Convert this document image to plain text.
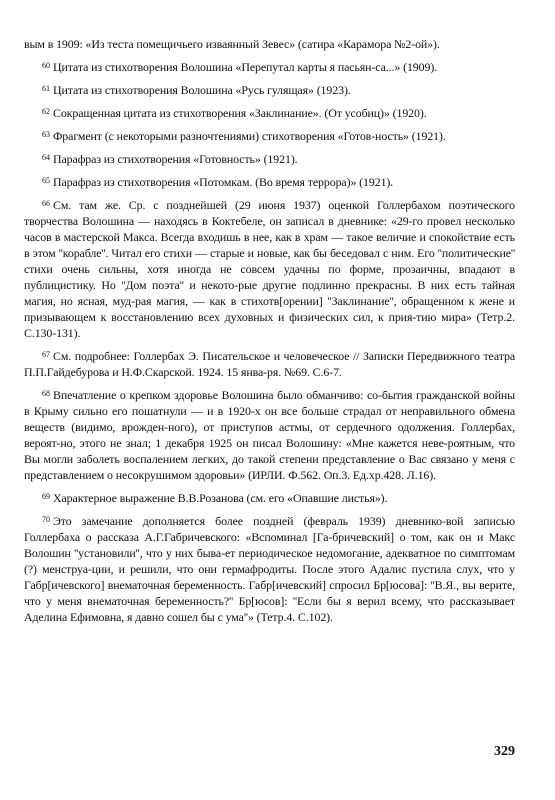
вым в 1909: «Из теста помещичьего изваянный Зевес» (сатира «Карамора №2-ой»).

$^{60}$ Цитата из стихотворения Волошина «Перепутал карты я пасьян-са...» (1909).

$^{61}$ Цитата из стихотворения Волошина «Русь гулящая» (1923).

$^{62}$ Сокращенная цитата из стихотворения «Заклинание». (От усобиц)» (1920).

$^{63}$ Фрагмент (с некоторыми разночтениями) стихотворения «Готов-ность» (1921).

$^{64}$ Парафраз из стихотворения «Готовность» (1921).

$^{65}$ Парафраз из стихотворения «Потомкам. (Во время террора)» (1921).

$^{66}$ См. там же. Ср. с позднейшей (29 июня 1937) оценкой Голлербахом поэтического творчества Волошина — находясь в Коктебеле, он записал в дневнике: «29-го провел несколько часов в мастерской Макса. Всегда входишь в нее, как в храм — такое величие и спокойствие есть в этом ''корабле''. Читал его стихи — старые и новые, как бы беседовал с ним. Его ''политические'' стихи очень сильны, хотя иногда не совсем удачны по форме, прозаичны, впадают в публицистику. Но ''Дом поэта'' и некото-рые другие подлинно прекрасны. В них есть тайная магия, но ясная, муд-рая магия, — как в стихотв[орении] ''Заклинание'', обращенном к жене и призывающем к восстановлению всех духовных и физических сил, к прия-тию мира» (Тетр.2. С.130-131).

$^{67}$ См. подробнее: Голлербах Э. Писательское и человеческое // Записки Передвижного театра П.П.Гайдебурова и Н.Ф.Скарской. 1924. 15 янва-ря. №69. С.6-7.

$^{68}$ Впечатление о крепком здоровье Волошина было обманчиво: со-бытия гражданской войны в Крыму сильно его пошатнули — и в 1920-х он все больше страдал от неправильного обмена веществ (видимо, врожден-ного), от приступов астмы, от сердечного одолжения. Голлербах, вероят-но, этого не знал; 1 декабря 1925 он писал Волошину: «Мне кажется неве-роятным, что Вы могли заболеть воспалением легких, до такой степени представление о Вас связано у меня с представлением о несокрушимом здоровьи» (ИРЛИ. Ф.562. Оп.3. Ед.хр.428. Л.16).

$^{69}$ Характерное выражение В.В.Розанова (см. его «Опавшие листья»).

$^{70}$ Это замечание дополняется более поздней (февраль 1939) дневнико-вой записью Голлербаха о рассказа А.Г.Габричевского: «Вспоминал [Га-бричевский] о том, как он и Макс Волошин ''установили'', что у них быва-ет периодическое недомогание, адекватное по симптомам (?) менструа-ции, и решили, что они гермафродиты. После этого Адалис пустила слух, что у Габр[ичевского] внематочная беременность. Габр[ичевский] спросил Бр[юсова]: ''В.Я., вы верите, что у меня внематочная беременность?'' Бр[юсов]: ''Если бы я верил всему, что рассказывает Аделина Ефимовна, я давно сошел бы с ума''» (Тетр.4. С.102).

329
